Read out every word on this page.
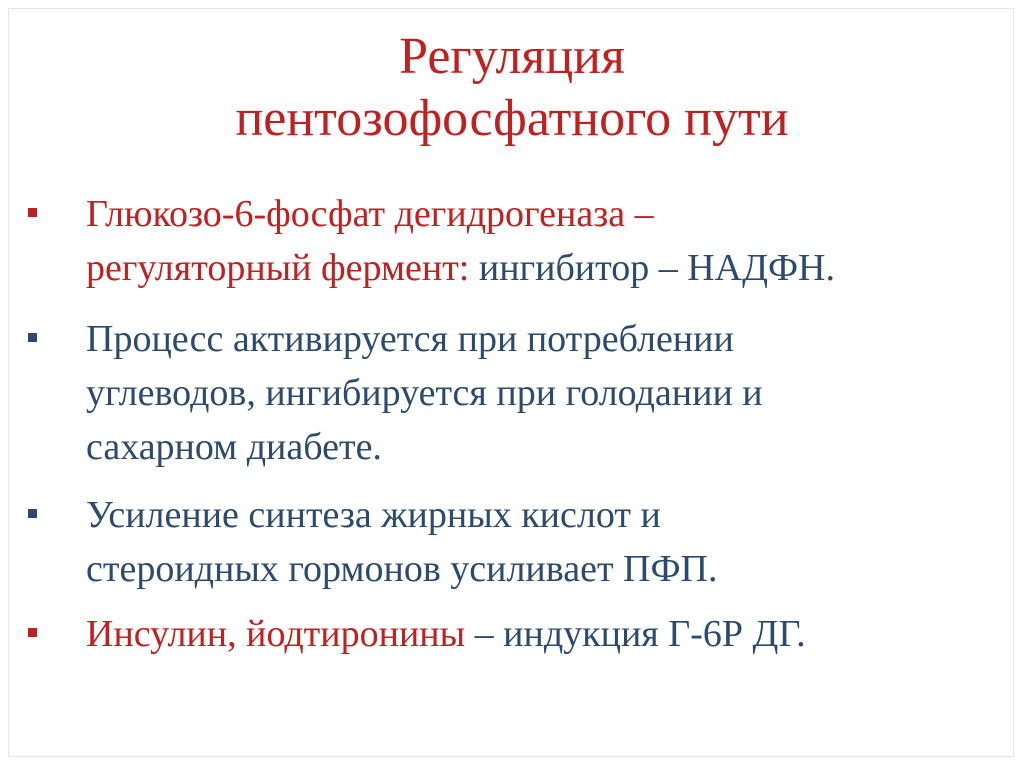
Регуляция
пентозофосфатного пути
Глюкозо-6-фосфат дегидрогеназа –
регуляторный фермент: ингибитор – НАДФН.
Процесс активируется при потреблении
углеводов, ингибируется при голодании и
сахарном диабете.
Усиление синтеза жирных кислот и
стероидных гормонов усиливает ПФП.
Инсулин, йодтиронины – индукция Г-6Р ДГ.
